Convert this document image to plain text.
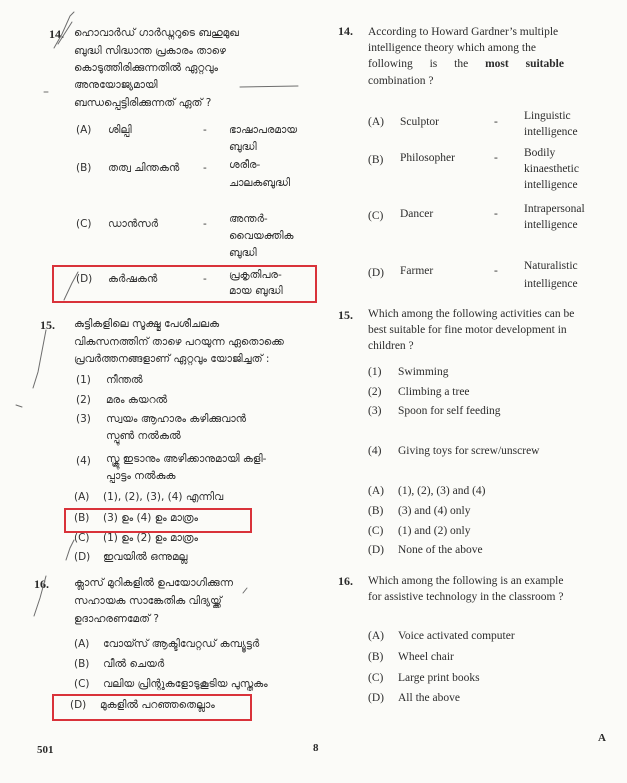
14. ഹൊവാർഡ് ഗാർഡ്നറുടെ ബഹുമുഖ
ബുദ്ധി സിദ്ധാന്ത പ്രകാരം താഴെ
കൊടുത്തിരിക്കുന്നതിൽ ഏറ്റവും
അനുയോജ്യമായി
ബന്ധപ്പെട്ടിരിക്കുന്നത് ഏത് ?
(A) ശില്പി	- ഭാഷാപരമായ
ബുദ്ധി
(B) തത്വ ചിന്തകൻ - ശരീര-
ചാലകബുദ്ധി
(C) ഡാൻസർ	- അന്തർ-
വൈയക്തിക
ബുദ്ധി
(D) കർഷകൻ	- പ്രകൃതിപര-
മായ ബുദ്ധി
15. കുട്ടികളിലെ സൂക്ഷ്മ പേശീചലക
വികസനത്തിന് താഴെ പറയുന്ന ഏതൊക്കെ
പ്രവർത്തനങ്ങളാണ് ഏറ്റവും യോജിച്ചത് :
(1) നീന്തൽ
(2) മരം കയറൽ
(3) സ്വയം ആഹാരം കഴിക്കുവാൻ
സ്പൂൺ നൽകൽ
(4) സ്ക്രൂ ഇടാനും അഴിക്കാനുമായി കളി-
പ്പാട്ടം നൽകുക
(A) (1), (2), (3), (4) എന്നിവ
(B) (3) ഉം (4) ഉം മാത്രം
(C) (1) ഉം (2) ഉം മാത്രം
(D) ഇവയിൽ ഒന്നുമല്ല
16. ക്ലാസ് മുറികളിൽ ഉപയോഗിക്കുന്ന
സഹായക സാങ്കേതിക വിദ്യയ്ക്ക്
ഉദാഹരണമേത് ?
(A) വോയ്സ് ആക്ടിവേറ്റഡ് കമ്പ്യൂട്ടർ
(B) വീൽ ചെയർ
(C) വലിയ പ്രിന്റുകളോടുകൂടിയ പുസ്തകം
(D) മുകളിൽ പറഞ്ഞതെല്ലാം
14. According to Howard Gardner’s multiple
intelligence theory which among the
following is the most suitable
combination ?
(A) Sculptor	- Linguistic
intelligence
(B) Philosopher	- Bodily
kinaesthetic
intelligence
(C) Dancer	- Intrapersonal
intelligence
(D) Farmer	- Naturalistic
intelligence
15. Which among the following activities can be
best suitable for fine motor development in
children ?
(1) Swimming
(2) Climbing a tree
(3) Spoon for self feeding
(4) Giving toys for screw/unscrew
(A) (1), (2), (3) and (4)
(B) (3) and (4) only
(C) (1) and (2) only
(D) None of the above
16. Which among the following is an example
for assistive technology in the classroom ?
(A) Voice activated computer
(B) Wheel chair
(C) Large print books
(D) All the above
501	8
A
